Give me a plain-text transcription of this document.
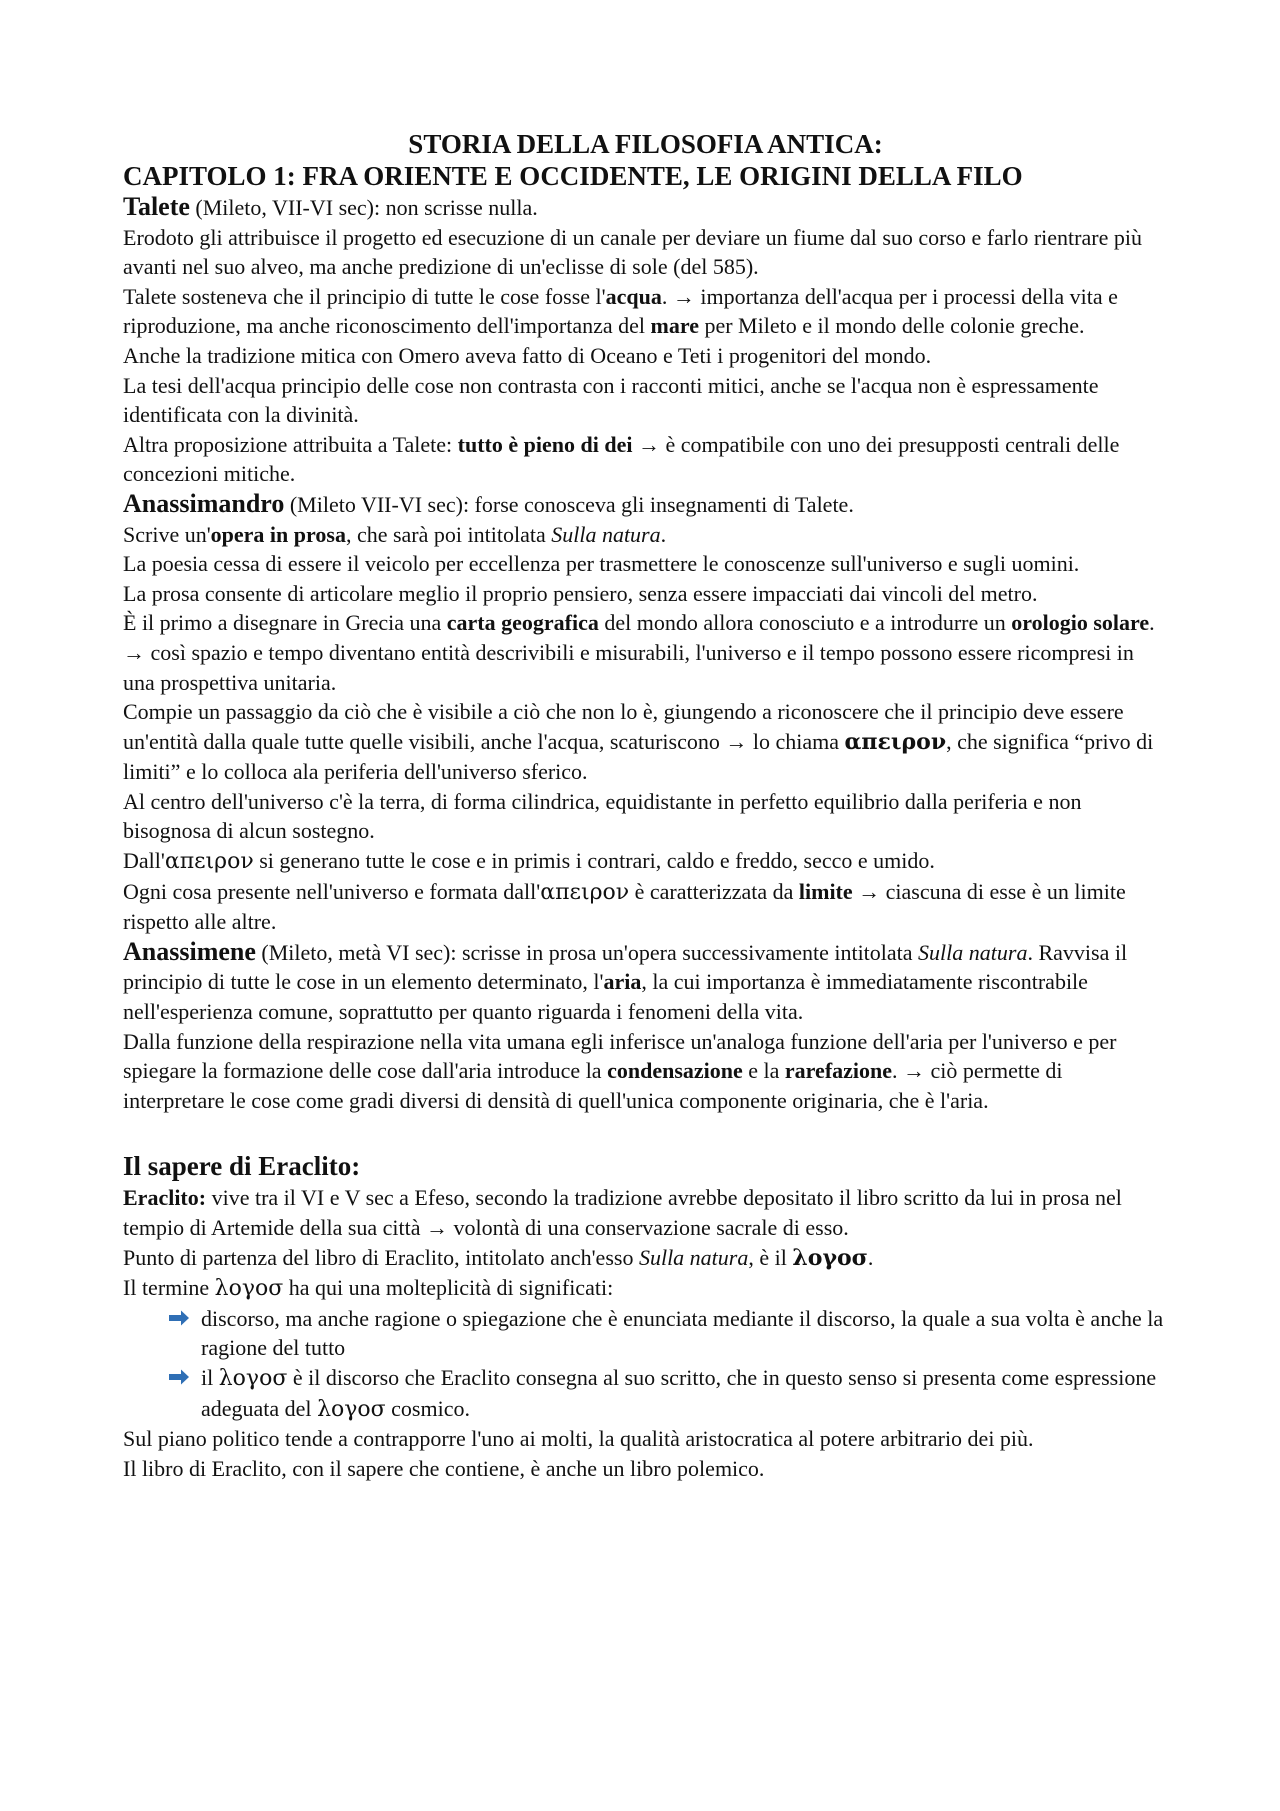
STORIA DELLA FILOSOFIA ANTICA:
CAPITOLO 1: FRA ORIENTE E OCCIDENTE, LE ORIGINI DELLA FILO

Talete (Mileto, VII-VI sec): non scrisse nulla.

Erodoto gli attribuisce il progetto ed esecuzione di un canale per deviare un fiume dal suo corso e farlo rientrare più avanti nel suo alveo, ma anche predizione di un'eclisse di sole (del 585).

Talete sosteneva che il principio di tutte le cose fosse l'acqua. → importanza dell'acqua per i processi della vita e riproduzione, ma anche riconoscimento dell'importanza del mare per Mileto e il mondo delle colonie greche.

Anche la tradizione mitica con Omero aveva fatto di Oceano e Teti i progenitori del mondo.

La tesi dell'acqua principio delle cose non contrasta con i racconti mitici, anche se l'acqua non è espressamente identificata con la divinità.

Altra proposizione attribuita a Talete: tutto è pieno di dei → è compatibile con uno dei presupposti centrali delle concezioni mitiche.

Anassimandro (Mileto VII-VI sec): forse conosceva gli insegnamenti di Talete.

Scrive un'opera in prosa, che sarà poi intitolata Sulla natura.

La poesia cessa di essere il veicolo per eccellenza per trasmettere le conoscenze sull'universo e sugli uomini.

La prosa consente di articolare meglio il proprio pensiero, senza essere impacciati dai vincoli del metro.

È il primo a disegnare in Grecia una carta geografica del mondo allora conosciuto e a introdurre un orologio solare. → così spazio e tempo diventano entità descrivibili e misurabili, l'universo e il tempo possono essere ricompresi in una prospettiva unitaria.

Compie un passaggio da ciò che è visibile a ciò che non lo è, giungendo a riconoscere che il principio deve essere un'entità dalla quale tutte quelle visibili, anche l'acqua, scaturiscono → lo chiama απειρον, che significa “privo di limiti” e lo colloca ala periferia dell'universo sferico.

Al centro dell'universo c'è la terra, di forma cilindrica, equidistante in perfetto equilibrio dalla periferia e non bisognosa di alcun sostegno.

Dall'απειρον si generano tutte le cose e in primis i contrari, caldo e freddo, secco e umido.

Ogni cosa presente nell'universo e formata dall'απειρον è caratterizzata da limite → ciascuna di esse è un limite rispetto alle altre.

Anassimene (Mileto, metà VI sec): scrisse in prosa un'opera successivamente intitolata Sulla natura. Ravvisa il principio di tutte le cose in un elemento determinato, l'aria, la cui importanza è immediatamente riscontrabile nell'esperienza comune, soprattutto per quanto riguarda i fenomeni della vita.

Dalla funzione della respirazione nella vita umana egli inferisce un'analoga funzione dell'aria per l'universo e per spiegare la formazione delle cose dall'aria introduce la condensazione e la rarefazione. → ciò permette di interpretare le cose come gradi diversi di densità di quell'unica componente originaria, che è l'aria.

Il sapere di Eraclito:

Eraclito: vive tra il VI e V sec a Efeso, secondo la tradizione avrebbe depositato il libro scritto da lui in prosa nel tempio di Artemide della sua città → volontà di una conservazione sacrale di esso.

Punto di partenza del libro di Eraclito, intitolato anch'esso Sulla natura, è il λογοσ.

Il termine λογοσ ha qui una molteplicità di significati:

discorso, ma anche ragione o spiegazione che è enunciata mediante il discorso, la quale a sua volta è anche la ragione del tutto
il λογοσ è il discorso che Eraclito consegna al suo scritto, che in questo senso si presenta come espressione adeguata del λογοσ cosmico.

Sul piano politico tende a contrapporre l'uno ai molti, la qualità aristocratica al potere arbitrario dei più.

Il libro di Eraclito, con il sapere che contiene, è anche un libro polemico.
